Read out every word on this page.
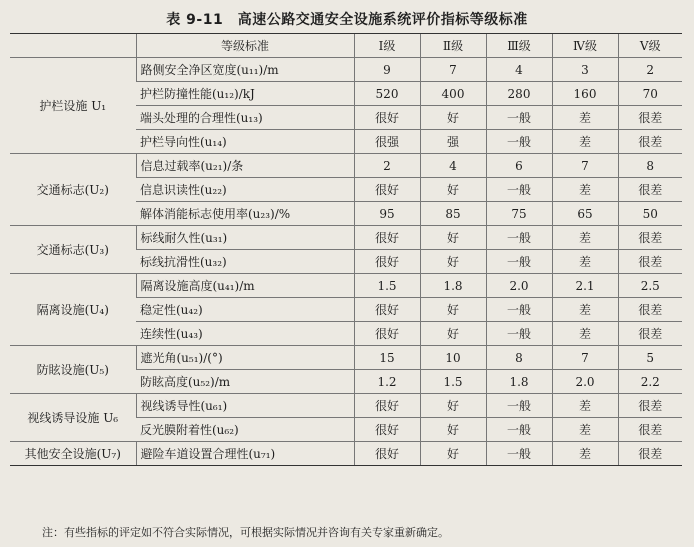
表 9-11　高速公路交通安全设施系统评价指标等级标准
	等级标准	Ⅰ级	Ⅱ级	Ⅲ级	Ⅳ级	Ⅴ级
护栏设施 U₁	路侧安全净区宽度(u₁₁)/m	9	7	4	3	2
	护栏防撞性能(u₁₂)/kJ	520	400	280	160	70
	端头处理的合理性(u₁₃)	很好	好	一般	差	很差
	护栏导向性(u₁₄)	很强	强	一般	差	很差
交通标志(U₂)	信息过载率(u₂₁)/条	2	4	6	7	8
	信息识读性(u₂₂)	很好	好	一般	差	很差
	解体消能标志使用率(u₂₃)/%	95	85	75	65	50
交通标志(U₃)	标线耐久性(u₃₁)	很好	好	一般	差	很差
	标线抗滑性(u₃₂)	很好	好	一般	差	很差
隔离设施(U₄)	隔离设施高度(u₄₁)/m	1.5	1.8	2.0	2.1	2.5
	稳定性(u₄₂)	很好	好	一般	差	很差
	连续性(u₄₃)	很好	好	一般	差	很差
防眩设施(U₅)	遮光角(u₅₁)/(°)	15	10	8	7	5
	防眩高度(u₅₂)/m	1.2	1.5	1.8	2.0	2.2
视线诱导设施 U₆	视线诱导性(u₆₁)	很好	好	一般	差	很差
	反光膜附着性(u₆₂)	很好	好	一般	差	很差
其他安全设施(U₇)	避险车道设置合理性(u₇₁)	很好	好	一般	差	很差
注：有些指标的评定如不符合实际情况，可根据实际情况并咨询有关专家重新确定。
